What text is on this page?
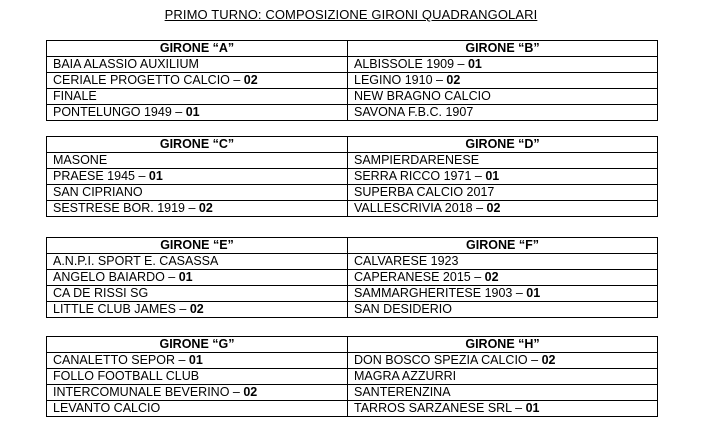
PRIMO TURNO: COMPOSIZIONE GIRONI QUADRANGOLARI
GIRONE “A”	GIRONE “B”
BAIA ALASSIO AUXILIUM	ALBISSOLE 1909 – 01
CERIALE PROGETTO CALCIO – 02	LEGINO 1910 – 02
FINALE	NEW BRAGNO CALCIO
PONTELUNGO 1949 – 01	SAVONA F.B.C. 1907
GIRONE “C”	GIRONE “D”
MASONE	SAMPIERDARENESE
PRAESE 1945 – 01	SERRA RICCO 1971 – 01
SAN CIPRIANO	SUPERBA CALCIO 2017
SESTRESE BOR. 1919 – 02	VALLESCRIVIA 2018 – 02
GIRONE “E”	GIRONE “F”
A.N.P.I. SPORT E. CASASSA	CALVARESE 1923
ANGELO BAIARDO – 01	CAPERANESE 2015 – 02
CA DE RISSI SG	SAMMARGHERITESE 1903 – 01
LITTLE CLUB JAMES – 02	SAN DESIDERIO
GIRONE “G”	GIRONE “H”
CANALETTO SEPOR – 01	DON BOSCO SPEZIA CALCIO – 02
FOLLO FOOTBALL CLUB	MAGRA AZZURRI
INTERCOMUNALE BEVERINO – 02	SANTERENZINA
LEVANTO CALCIO	TARROS SARZANESE SRL – 01
